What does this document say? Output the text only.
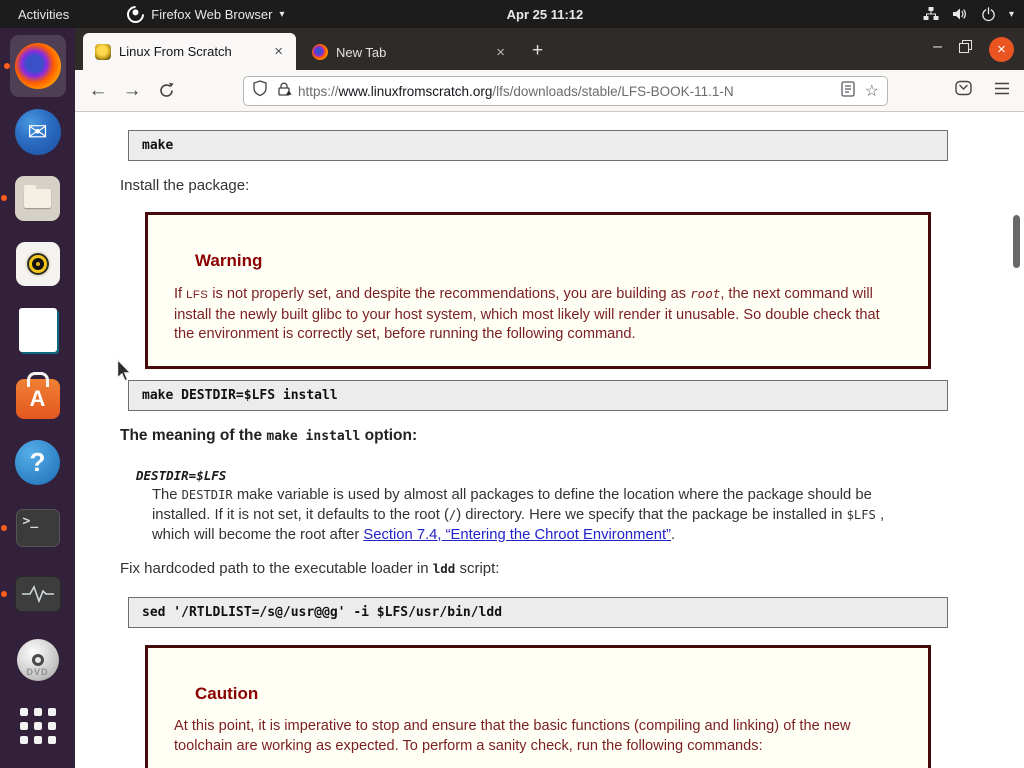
Activities	Firefox Web Browser ▾	Apr 25 11:12	▾
✉
A
?
>_
DVD
Linux From Scratch	×	New Tab	× +	–	×
← →	https://www.linuxfromscratch.org/lfs/downloads/stable/LFS-BOOK-11.1-N	☆
make

Install the package:

Warning

If LFS is not properly set, and despite the recommendations, you are building as root, the next command will install the newly built glibc to your host system, which most likely will render it unusable. So double check that the environment is correctly set, before running the following command.

make DESTDIR=$LFS install

The meaning of the make install option:

DESTDIR=$LFS

The DESTDIR make variable is used by almost all packages to define the location where the package should be installed. If it is not set, it defaults to the root (/) directory. Here we specify that the package be installed in $LFS , which will become the root after Section 7.4, “Entering the Chroot Environment”.

Fix hardcoded path to the executable loader in ldd script:

sed '/RTLDLIST=/s@/usr@@g' -i $LFS/usr/bin/ldd
Caution

At this point, it is imperative to stop and ensure that the basic functions (compiling and linking) of the new toolchain are working as expected. To perform a sanity check, run the following commands:
